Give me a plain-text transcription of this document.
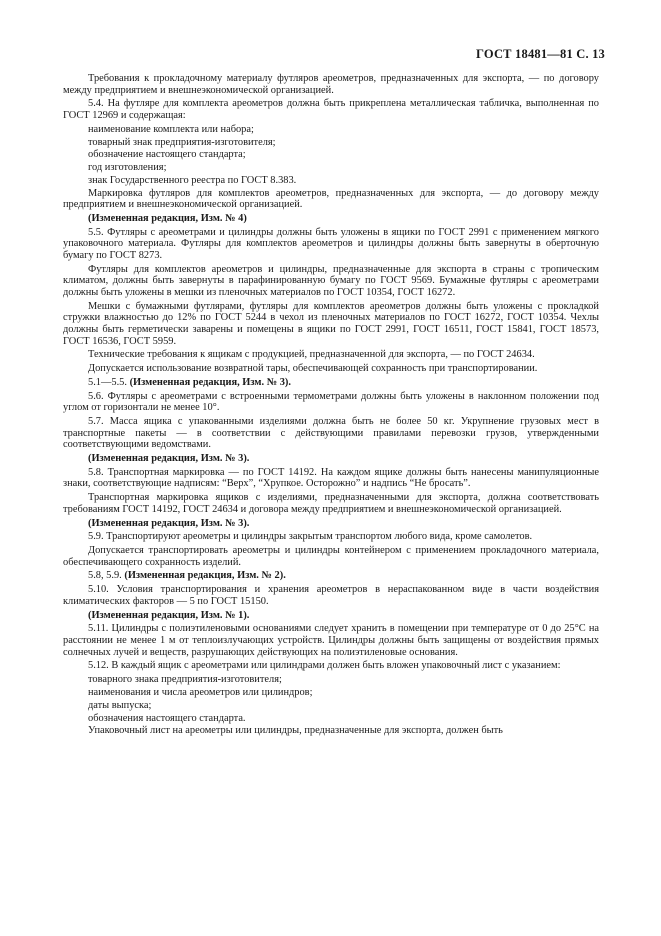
ГОСТ 18481—81 С. 13

Требования к прокладочному материалу футляров ареометров, предназначенных для экспорта, — по договору между предприятием и внешнеэкономической организацией.

5.4. На футляре для комплекта ареометров должна быть прикреплена металлическая табличка, выполненная по ГОСТ 12969 и содержащая:

наименование комплекта или набора;

товарный знак предприятия-изготовителя;

обозначение настоящего стандарта;

год изготовления;

знак Государственного реестра по ГОСТ 8.383.

Маркировка футляров для комплектов ареометров, предназначенных для экспорта, — до договору между предприятием и внешнеэкономической организацией.

(Измененная редакция, Изм. № 4)

5.5. Футляры с ареометрами и цилиндры должны быть уложены в ящики по ГОСТ 2991 с применением мягкого упаковочного материала. Футляры для комплектов ареометров и цилиндры должны быть завернуты в оберточную бумагу по ГОСТ 8273.

Футляры для комплектов ареометров и цилиндры, предназначенные для экспорта в страны с тропическим климатом, должны быть завернуты в парафинированную бумагу по ГОСТ 9569. Бумажные футляры с ареометрами должны быть уложены в мешки из пленочных материалов по ГОСТ 10354, ГОСТ 16272.

Мешки с бумажными футлярами, футляры для комплектов ареометров должны быть уложены с прокладкой стружки влажностью до 12% по ГОСТ 5244 в чехол из пленочных материалов по ГОСТ 16272, ГОСТ 10354. Чехлы должны быть герметически заварены и помещены в ящики по ГОСТ 2991, ГОСТ 16511, ГОСТ 15841, ГОСТ 18573, ГОСТ 16536, ГОСТ 5959.

Технические требования к ящикам с продукцией, предназначенной для экспорта, — по ГОСТ 24634.

Допускается использование возвратной тары, обеспечивающей сохранность при транспортировании.

5.1—5.5. (Измененная редакция, Изм. № 3).

5.6. Футляры с ареометрами с встроенными термометрами должны быть уложены в наклонном положении под углом от горизонтали не менее 10°.

5.7. Масса ящика с упакованными изделиями должна быть не более 50 кг. Укрупнение грузовых мест в транспортные пакеты — в соответствии с действующими правилами перевозки грузов, утвержденными соответствующими ведомствами.

(Измененная редакция, Изм. № 3).

5.8. Транспортная маркировка — по ГОСТ 14192. На каждом ящике должны быть нанесены манипуляционные знаки, соответствующие надписям: “Верх”, “Хрупкое. Осторожно” и надпись “Не бросать”.

Транспортная маркировка ящиков с изделиями, предназначенными для экспорта, должна соответствовать требованиям ГОСТ 14192, ГОСТ 24634 и договора между предприятием и внешнеэкономической организацией.

(Измененная редакция, Изм. № 3).

5.9. Транспортируют ареометры и цилиндры закрытым транспортом любого вида, кроме самолетов.

Допускается транспортировать ареометры и цилиндры контейнером с применением прокладочного материала, обеспечивающего сохранность изделий.

5.8, 5.9. (Измененная редакция, Изм. № 2).

5.10. Условия транспортирования и хранения ареометров в нераспакованном виде в части воздействия климатических факторов — 5 по ГОСТ 15150.

(Измененная редакция, Изм. № 1).

5.11. Цилиндры с полиэтиленовыми основаниями следует хранить в помещении при температуре от 0 до 25°С на расстоянии не менее 1 м от теплоизлучающих устройств. Цилиндры должны быть защищены от воздействия прямых солнечных лучей и веществ, разрушающих действующих на полиэтиленовые основания.

5.12. В каждый ящик с ареометрами или цилиндрами должен быть вложен упаковочный лист с указанием:

товарного знака предприятия-изготовителя;

наименования и числа ареометров или цилиндров;

даты выпуска;

обозначения настоящего стандарта.

Упаковочный лист на ареометры или цилиндры, предназначенные для экспорта, должен быть
